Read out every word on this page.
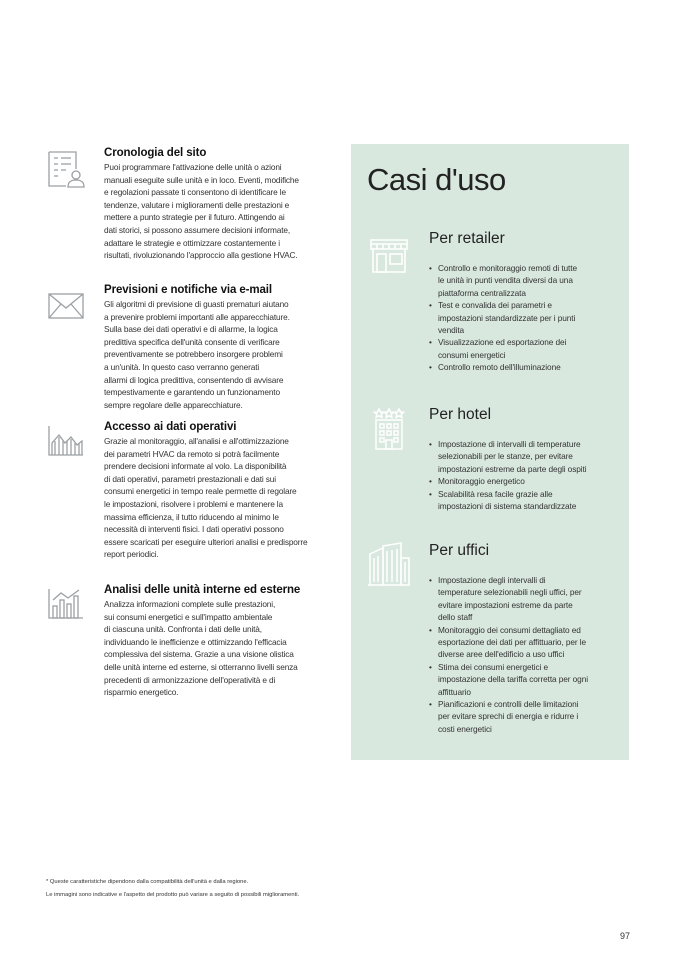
Cronologia del sito

Puoi programmare l'attivazione delle unità o azioni
manuali eseguite sulle unità e in loco. Eventi, modifiche
e regolazioni passate ti consentono di identificare le
tendenze, valutare i miglioramenti delle prestazioni e
mettere a punto strategie per il futuro. Attingendo ai
dati storici, si possono assumere decisioni informate,
adattare le strategie e ottimizzare costantemente i
risultati, rivoluzionando l'approccio alla gestione HVAC.

Previsioni e notifiche via e-mail

Gli algoritmi di previsione di guasti prematuri aiutano
a prevenire problemi importanti alle apparecchiature.
Sulla base dei dati operativi e di allarme, la logica
predittiva specifica dell'unità consente di verificare
preventivamente se potrebbero insorgere problemi
a un'unità. In questo caso verranno generati
allarmi di logica predittiva, consentendo di avvisare
tempestivamente e garantendo un funzionamento
sempre regolare delle apparecchiature.

Accesso ai dati operativi

Grazie al monitoraggio, all'analisi e all'ottimizzazione
dei parametri HVAC da remoto si potrà facilmente
prendere decisioni informate al volo. La disponibilità
di dati operativi, parametri prestazionali e dati sui
consumi energetici in tempo reale permette di regolare
le impostazioni, risolvere i problemi e mantenere la
massima efficienza, il tutto riducendo al minimo le
necessità di interventi fisici. I dati operativi possono
essere scaricati per eseguire ulteriori analisi e predisporre
report periodici.

Analisi delle unità interne ed esterne

Analizza informazioni complete sulle prestazioni,
sui consumi energetici e sull'impatto ambientale
di ciascuna unità. Confronta i dati delle unità,
individuando le inefficienze e ottimizzando l'efficacia
complessiva del sistema. Grazie a una visione olistica
delle unità interne ed esterne, si otterranno livelli senza
precedenti di armonizzazione dell'operatività e di
risparmio energetico.

Casi d'uso
Per retailer
• Controllo e monitoraggio remoti di tutte
le unità in punti vendita diversi da una
piattaforma centralizzata
• Test e convalida dei parametri e
impostazioni standardizzate per i punti
vendita
• Visualizzazione ed esportazione dei
consumi energetici
• Controllo remoto dell'illuminazione
Per hotel
• Impostazione di intervalli di temperature
selezionabili per le stanze, per evitare
impostazioni estreme da parte degli ospiti
• Monitoraggio energetico
• Scalabilità resa facile grazie alle
impostazioni di sistema standardizzate
Per uffici
• Impostazione degli intervalli di
temperature selezionabili negli uffici, per
evitare impostazioni estreme da parte
dello staff
• Monitoraggio dei consumi dettagliato ed
esportazione dei dati per affittuario, per le
diverse aree dell'edificio a uso uffici
• Stima dei consumi energetici e
impostazione della tariffa corretta per ogni
affittuario
• Pianificazioni e controlli delle limitazioni
per evitare sprechi di energia e ridurre i
costi energetici
* Queste caratteristiche dipendono dalla compatibilità dell'unità e dalla regione.
Le immagini sono indicative e l'aspetto del prodotto può variare a seguito di possibili miglioramenti.
97
